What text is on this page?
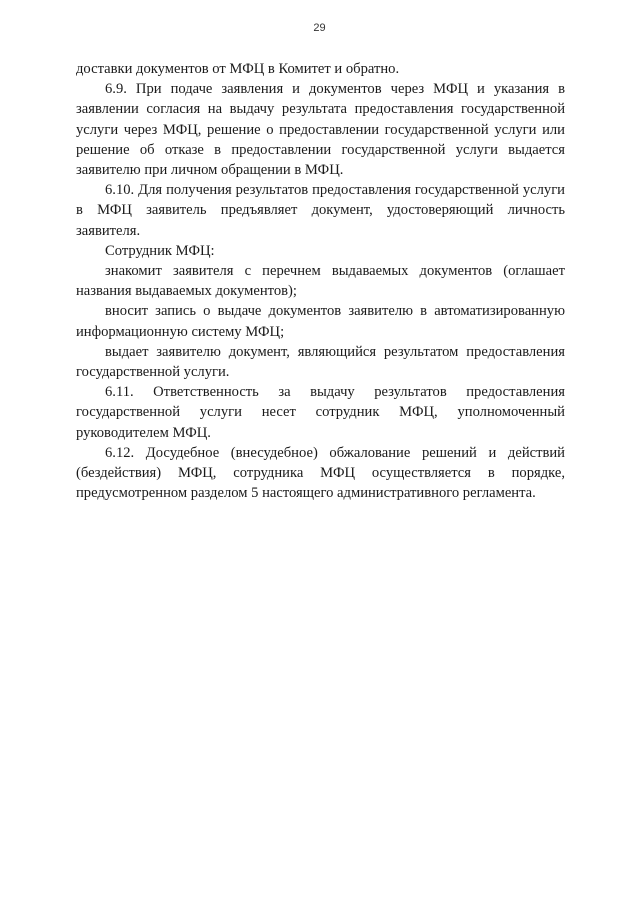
29

доставки документов от МФЦ в Комитет и обратно.

6.9. При подаче заявления и документов через МФЦ и указания в заявлении согласия на выдачу результата предоставления государственной услуги через МФЦ, решение о предоставлении государственной услуги или решение об отказе в предоставлении государственной услуги выдается заявителю при личном обращении в МФЦ.

6.10. Для получения результатов предоставления государственной услуги в МФЦ заявитель предъявляет документ, удостоверяющий личность заявителя.

Сотрудник МФЦ:

знакомит заявителя с перечнем выдаваемых документов (оглашает названия выдаваемых документов);

вносит запись о выдаче документов заявителю в автоматизированную информационную систему МФЦ;

выдает заявителю документ, являющийся результатом предоставления государственной услуги.

6.11. Ответственность за выдачу результатов предоставления государственной услуги несет сотрудник МФЦ, уполномоченный руководителем МФЦ.

6.12. Досудебное (внесудебное) обжалование решений и действий (бездействия) МФЦ, сотрудника МФЦ осуществляется в порядке, предусмотренном разделом 5 настоящего административного регламента.
